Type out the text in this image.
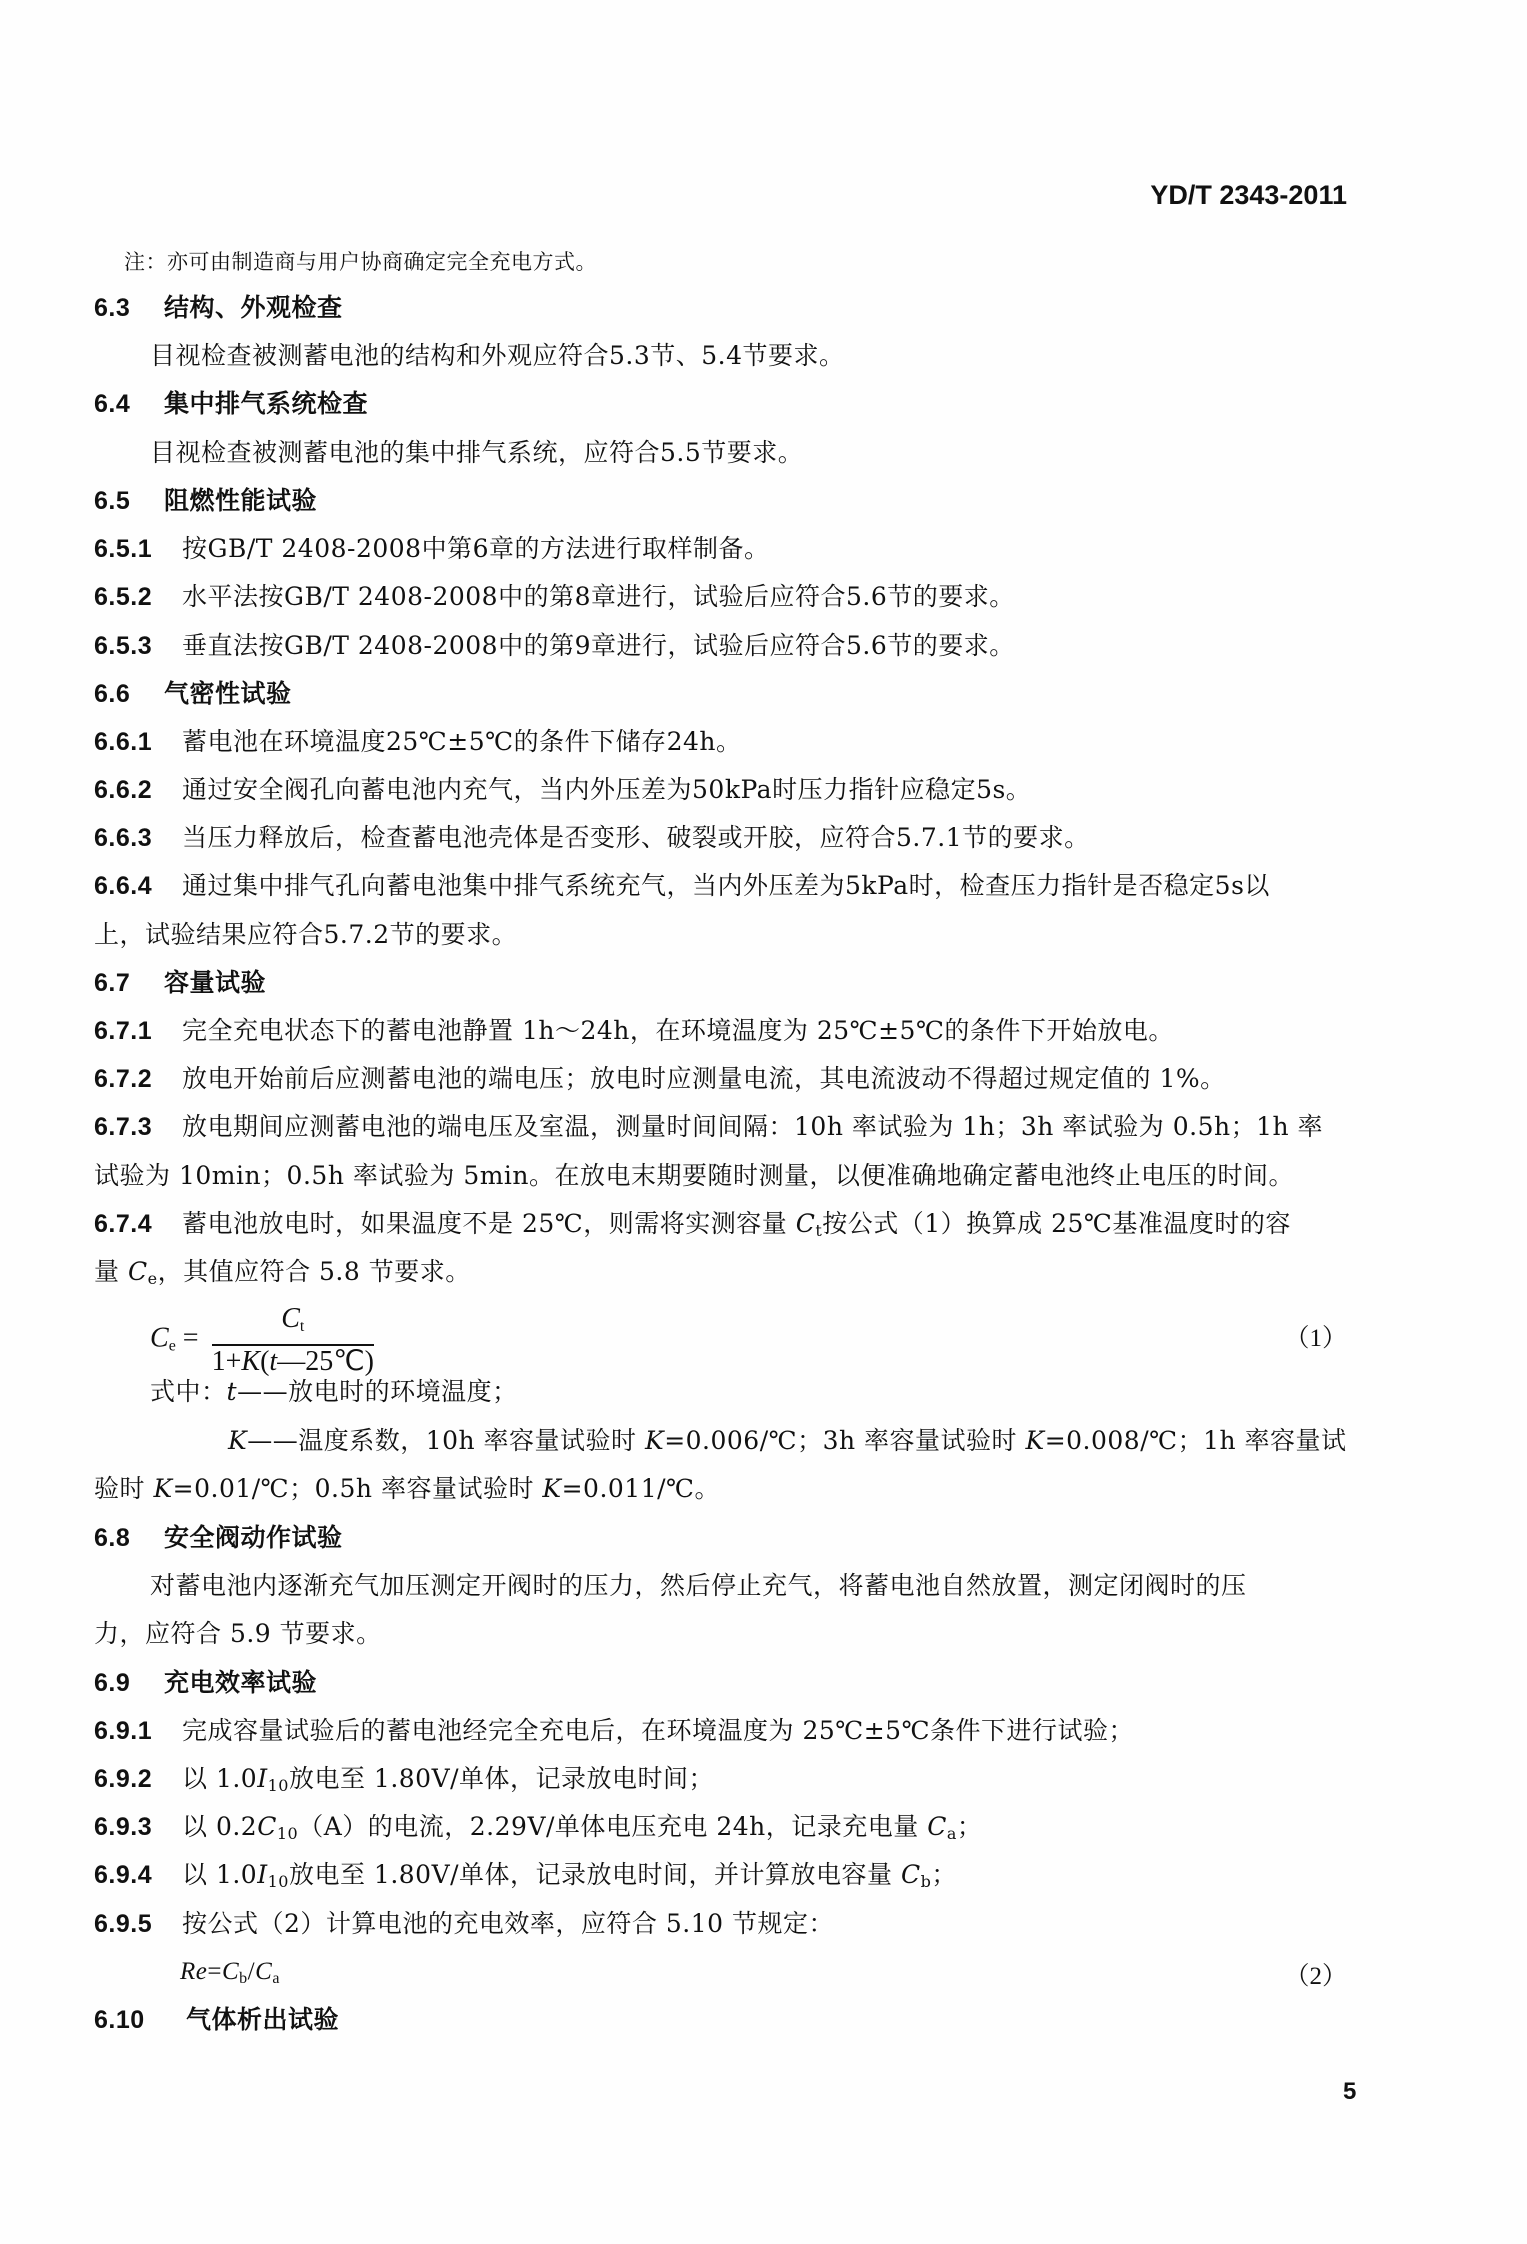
YD/T 2343-2011
注：亦可由制造商与用户协商确定完全充电方式。
6.3 结构、外观检查
目视检查被测蓄电池的结构和外观应符合5.3节、5.4节要求。
6.4 集中排气系统检查
目视检查被测蓄电池的集中排气系统，应符合5.5节要求。
6.5 阻燃性能试验
6.5.1 按GB/T 2408-2008中第6章的方法进行取样制备。
6.5.2 水平法按GB/T 2408-2008中的第8章进行，试验后应符合5.6节的要求。
6.5.3 垂直法按GB/T 2408-2008中的第9章进行，试验后应符合5.6节的要求。
6.6 气密性试验
6.6.1 蓄电池在环境温度25℃±5℃的条件下储存24h。
6.6.2 通过安全阀孔向蓄电池内充气，当内外压差为50kPa时压力指针应稳定5s。
6.6.3 当压力释放后，检查蓄电池壳体是否变形、破裂或开胶，应符合5.7.1节的要求。
6.6.4 通过集中排气孔向蓄电池集中排气系统充气，当内外压差为5kPa时，检查压力指针是否稳定5s以
上，试验结果应符合5.7.2节的要求。
6.7 容量试验
6.7.1 完全充电状态下的蓄电池静置 1h～24h，在环境温度为 25℃±5℃的条件下开始放电。
6.7.2 放电开始前后应测蓄电池的端电压；放电时应测量电流，其电流波动不得超过规定值的 1%。
6.7.3 放电期间应测蓄电池的端电压及室温，测量时间间隔：10h 率试验为 1h；3h 率试验为 0.5h；1h 率
试验为 10min；0.5h 率试验为 5min。在放电末期要随时测量，以便准确地确定蓄电池终止电压的时间。
6.7.4 蓄电池放电时，如果温度不是 25℃，则需将实测容量 $C_t$按公式（1）换算成 25℃基准温度时的容
量 $C_e$，其值应符合 5.8 节要求。
$C_e = \frac{C_t}{1+K(t—25℃)}$	（1）
式中：t——放电时的环境温度；
K——温度系数，10h 率容量试验时 K=0.006/℃；3h 率容量试验时 K=0.008/℃；1h 率容量试
验时 K=0.01/℃；0.5h 率容量试验时 K=0.011/℃。
6.8 安全阀动作试验
对蓄电池内逐渐充气加压测定开阀时的压力，然后停止充气，将蓄电池自然放置，测定闭阀时的压
力，应符合 5.9 节要求。
6.9 充电效率试验
6.9.1 完成容量试验后的蓄电池经完全充电后，在环境温度为 25℃±5℃条件下进行试验；
6.9.2 以 $1.0I_{10}$放电至 1.80V/单体，记录放电时间；
6.9.3 以 $0.2C_{10}(A)$的电流，2.29V/单体电压充电 24h，记录充电量 $C_a$；
6.9.4 以 $1.0I_{10}$放电至 1.80V/单体，记录放电时间，并计算放电容量 $C_b$；
6.9.5 按公式（2）计算电池的充电效率，应符合 5.10 节规定：
$Re=C_b/C_a$	（2）
6.10 气体析出试验
5
